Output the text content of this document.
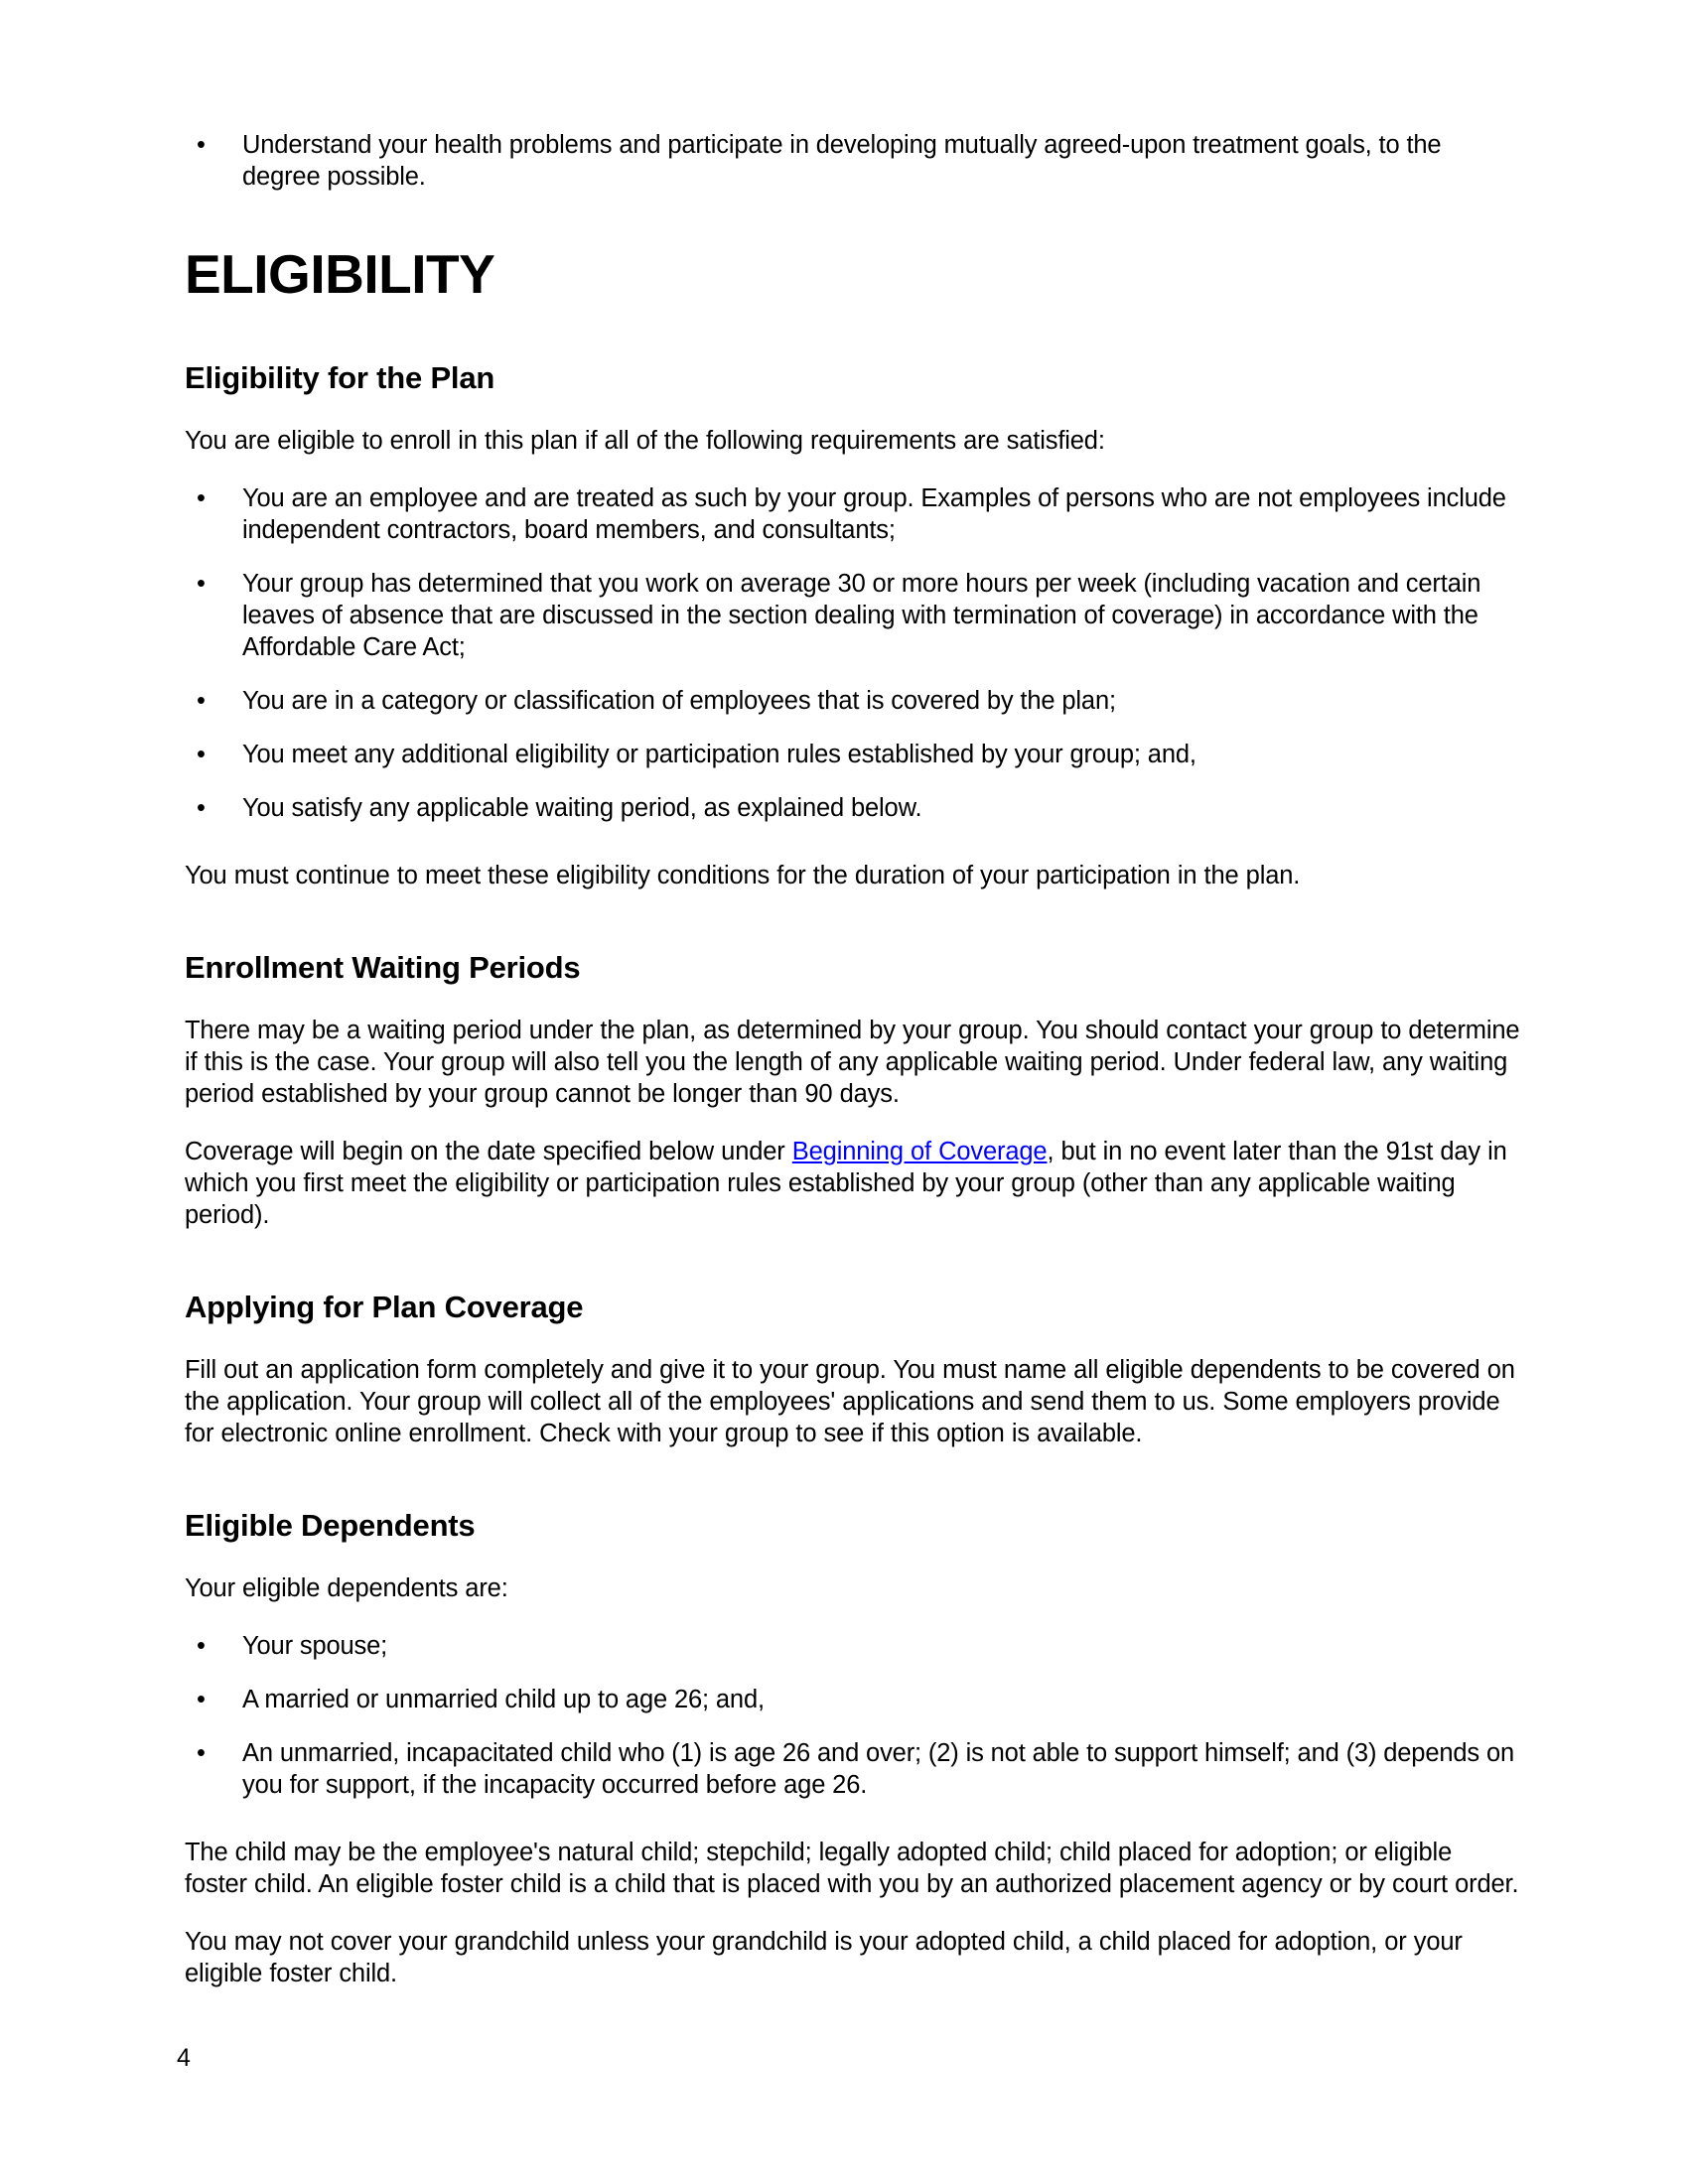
• Understand your health problems and participate in developing mutually agreed-upon treatment goals, to the degree possible.
ELIGIBILITY
Eligibility for the Plan

You are eligible to enroll in this plan if all of the following requirements are satisfied:

• You are an employee and are treated as such by your group. Examples of persons who are not employees include independent contractors, board members, and consultants;
• Your group has determined that you work on average 30 or more hours per week (including vacation and certain leaves of absence that are discussed in the section dealing with termination of coverage) in accordance with the Affordable Care Act;
• You are in a category or classification of employees that is covered by the plan;
• You meet any additional eligibility or participation rules established by your group; and,
• You satisfy any applicable waiting period, as explained below.

You must continue to meet these eligibility conditions for the duration of your participation in the plan.

Enrollment Waiting Periods

There may be a waiting period under the plan, as determined by your group. You should contact your group to determine if this is the case. Your group will also tell you the length of any applicable waiting period. Under federal law, any waiting period established by your group cannot be longer than 90 days.

Coverage will begin on the date specified below under Beginning of Coverage, but in no event later than the 91st day in which you first meet the eligibility or participation rules established by your group (other than any applicable waiting period).

Applying for Plan Coverage

Fill out an application form completely and give it to your group. You must name all eligible dependents to be covered on the application. Your group will collect all of the employees' applications and send them to us. Some employers provide for electronic online enrollment. Check with your group to see if this option is available.

Eligible Dependents

Your eligible dependents are:

• Your spouse;
• A married or unmarried child up to age 26; and,
• An unmarried, incapacitated child who (1) is age 26 and over; (2) is not able to support himself; and (3) depends on you for support, if the incapacity occurred before age 26.

The child may be the employee's natural child; stepchild; legally adopted child; child placed for adoption; or eligible foster child. An eligible foster child is a child that is placed with you by an authorized placement agency or by court order.

You may not cover your grandchild unless your grandchild is your adopted child, a child placed for adoption, or your eligible foster child.

4
